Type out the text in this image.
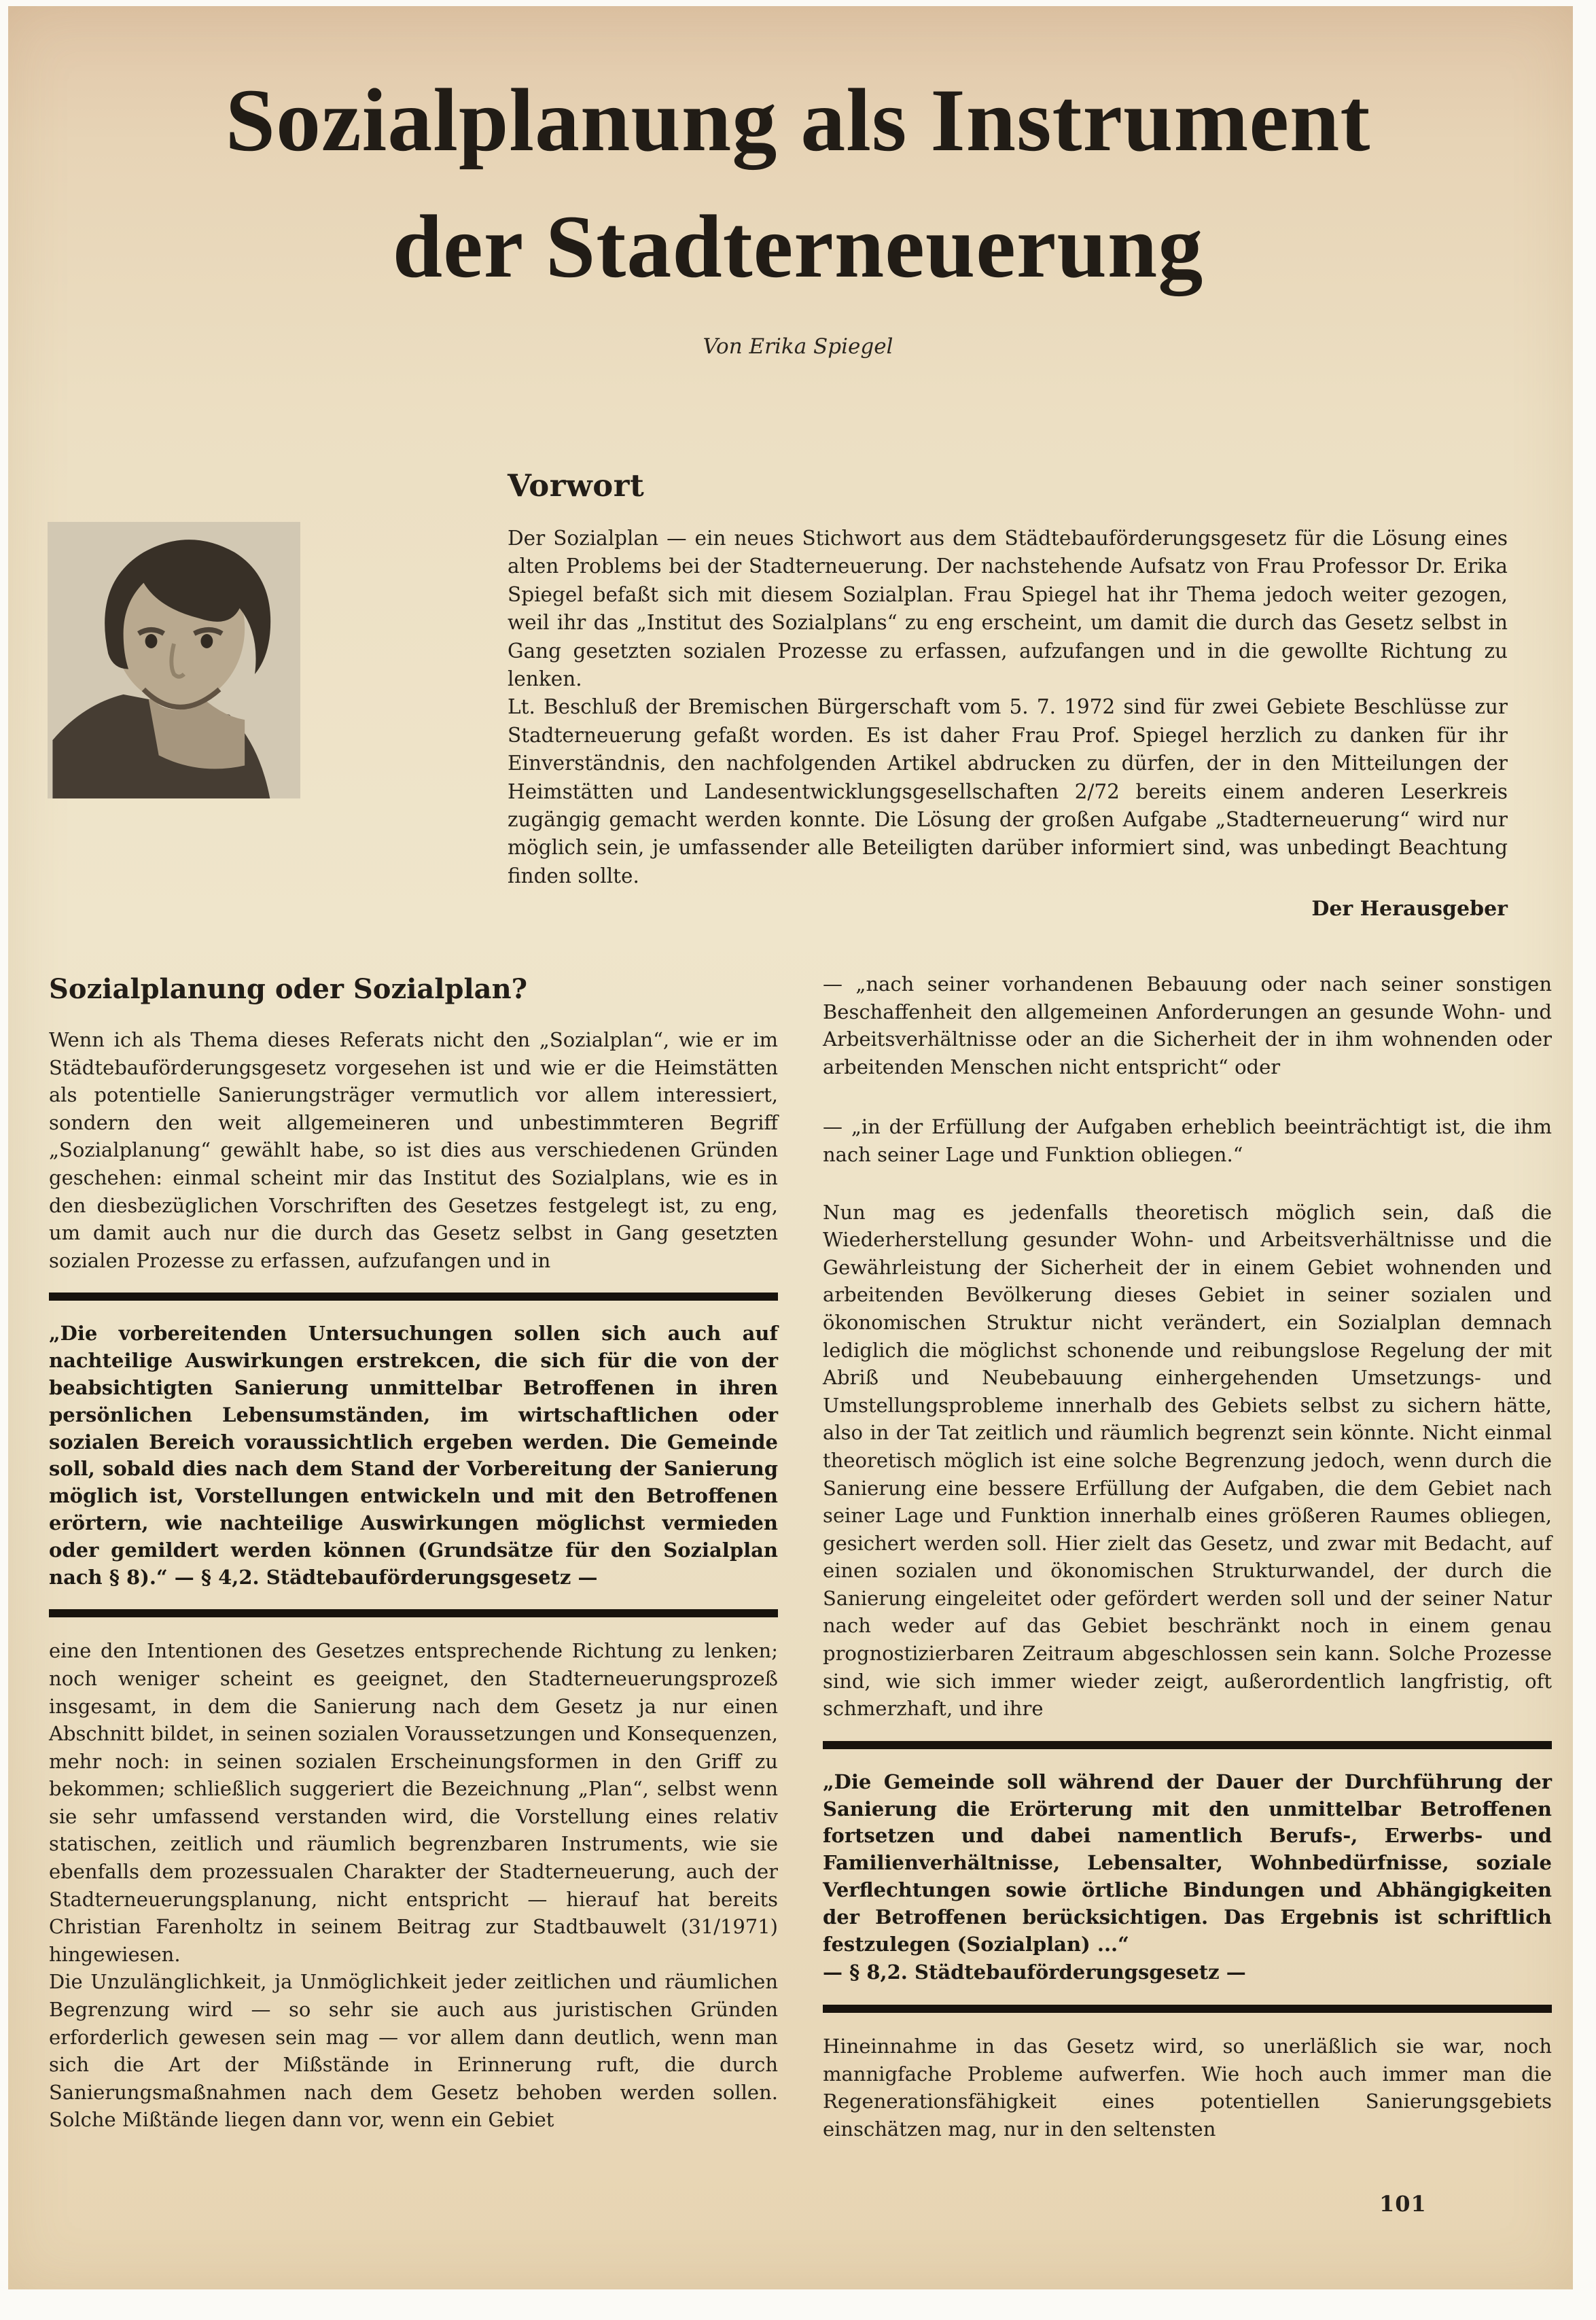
Sozialplanung als Instrument
der Stadterneuerung
Von Erika Spiegel
Vorwort

Der Sozialplan — ein neues Stichwort aus dem Städtebauförderungsgesetz für die Lösung eines alten Problems bei der Stadterneuerung. Der nachstehende Aufsatz von Frau Professor Dr. Erika Spiegel befaßt sich mit diesem Sozialplan. Frau Spiegel hat ihr Thema jedoch weiter gezogen, weil ihr das „Institut des Sozialplans“ zu eng erscheint, um damit die durch das Gesetz selbst in Gang gesetzten sozialen Prozesse zu erfassen, aufzufangen und in die gewollte Richtung zu lenken.

Lt. Beschluß der Bremischen Bürgerschaft vom 5. 7. 1972 sind für zwei Gebiete Beschlüsse zur Stadterneuerung gefaßt worden. Es ist daher Frau Prof. Spiegel herzlich zu danken für ihr Einverständnis, den nachfolgenden Artikel abdrucken zu dürfen, der in den Mitteilungen der Heimstätten und Landesentwicklungsgesellschaften 2/72 bereits einem anderen Leserkreis zugängig gemacht werden konnte. Die Lösung der großen Aufgabe „Stadterneuerung“ wird nur möglich sein, je umfassender alle Beteiligten darüber informiert sind, was unbedingt Beachtung finden sollte.

Der Herausgeber
Sozialplanung oder Sozialplan?

Wenn ich als Thema dieses Referats nicht den „Sozialplan“, wie er im Städtebauförderungsgesetz vorgesehen ist und wie er die Heimstätten als potentielle Sanierungsträger vermutlich vor allem interessiert, sondern den weit allgemeineren und unbestimmteren Begriff „Sozialplanung“ gewählt habe, so ist dies aus verschiedenen Gründen geschehen: einmal scheint mir das Institut des Sozialplans, wie es in den diesbezüglichen Vorschriften des Gesetzes festgelegt ist, zu eng, um damit auch nur die durch das Gesetz selbst in Gang gesetzten sozialen Prozesse zu erfassen, aufzufangen und in

„Die vorbereitenden Untersuchungen sollen sich auch auf nachteilige Auswirkungen erstrekcen, die sich für die von der beabsichtigten Sanierung unmittelbar Betroffenen in ihren persönlichen Lebensumständen, im wirtschaftlichen oder sozialen Bereich voraussichtlich ergeben werden. Die Gemeinde soll, sobald dies nach dem Stand der Vorbereitung der Sanierung möglich ist, Vorstellungen entwickeln und mit den Betroffenen erörtern, wie nachteilige Auswirkungen möglichst vermieden oder gemildert werden können (Grundsätze für den Sozialplan nach § 8).“ — § 4,2. Städtebauförderungsgesetz —

eine den Intentionen des Gesetzes entsprechende Richtung zu lenken; noch weniger scheint es geeignet, den Stadterneuerungsprozeß insgesamt, in dem die Sanierung nach dem Gesetz ja nur einen Abschnitt bildet, in seinen sozialen Voraussetzungen und Konsequenzen, mehr noch: in seinen sozialen Erscheinungsformen in den Griff zu bekommen; schließlich suggeriert die Bezeichnung „Plan“, selbst wenn sie sehr umfassend verstanden wird, die Vorstellung eines relativ statischen, zeitlich und räumlich begrenzbaren Instruments, wie sie ebenfalls dem prozessualen Charakter der Stadterneuerung, auch der Stadterneuerungsplanung, nicht entspricht — hierauf hat bereits Christian Farenholtz in seinem Beitrag zur Stadtbauwelt (31/1971) hingewiesen.

Die Unzulänglichkeit, ja Unmöglichkeit jeder zeitlichen und räumlichen Begrenzung wird — so sehr sie auch aus juristischen Gründen erforderlich gewesen sein mag — vor allem dann deutlich, wenn man sich die Art der Mißstände in Erinnerung ruft, die durch Sanierungsmaßnahmen nach dem Gesetz behoben werden sollen. Solche Mißtände liegen dann vor, wenn ein Gebiet

— „nach seiner vorhandenen Bebauung oder nach seiner sonstigen Beschaffenheit den allgemeinen Anforderungen an gesunde Wohn- und Arbeitsverhältnisse oder an die Sicherheit der in ihm wohnenden oder arbeitenden Menschen nicht entspricht“ oder

— „in der Erfüllung der Aufgaben erheblich beeinträchtigt ist, die ihm nach seiner Lage und Funktion obliegen.“

Nun mag es jedenfalls theoretisch möglich sein, daß die Wiederherstellung gesunder Wohn- und Arbeitsverhältnisse und die Gewährleistung der Sicherheit der in einem Gebiet wohnenden und arbeitenden Bevölkerung dieses Gebiet in seiner sozialen und ökonomischen Struktur nicht verändert, ein Sozialplan demnach lediglich die möglichst schonende und reibungslose Regelung der mit Abriß und Neubebauung einhergehenden Umsetzungs- und Umstellungsprobleme innerhalb des Gebiets selbst zu sichern hätte, also in der Tat zeitlich und räumlich begrenzt sein könnte. Nicht einmal theoretisch möglich ist eine solche Begrenzung jedoch, wenn durch die Sanierung eine bessere Erfüllung der Aufgaben, die dem Gebiet nach seiner Lage und Funktion innerhalb eines größeren Raumes obliegen, gesichert werden soll. Hier zielt das Gesetz, und zwar mit Bedacht, auf einen sozialen und ökonomischen Strukturwandel, der durch die Sanierung eingeleitet oder gefördert werden soll und der seiner Natur nach weder auf das Gebiet beschränkt noch in einem genau prognostizierbaren Zeitraum abgeschlossen sein kann. Solche Prozesse sind, wie sich immer wieder zeigt, außerordentlich langfristig, oft schmerzhaft, und ihre

„Die Gemeinde soll während der Dauer der Durchführung der Sanierung die Erörterung mit den unmittelbar Betroffenen fortsetzen und dabei namentlich Berufs-, Erwerbs- und Familienverhältnisse, Lebensalter, Wohnbedürfnisse, soziale Verflechtungen sowie örtliche Bindungen und Abhängigkeiten der Betroffenen berücksichtigen. Das Ergebnis ist schriftlich festzulegen (Sozialplan) ...“

— § 8,2. Städtebauförderungsgesetz —

Hineinnahme in das Gesetz wird, so unerläßlich sie war, noch mannigfache Probleme aufwerfen. Wie hoch auch immer man die Regenerationsfähigkeit eines potentiellen Sanierungsgebiets einschätzen mag, nur in den seltensten

101
